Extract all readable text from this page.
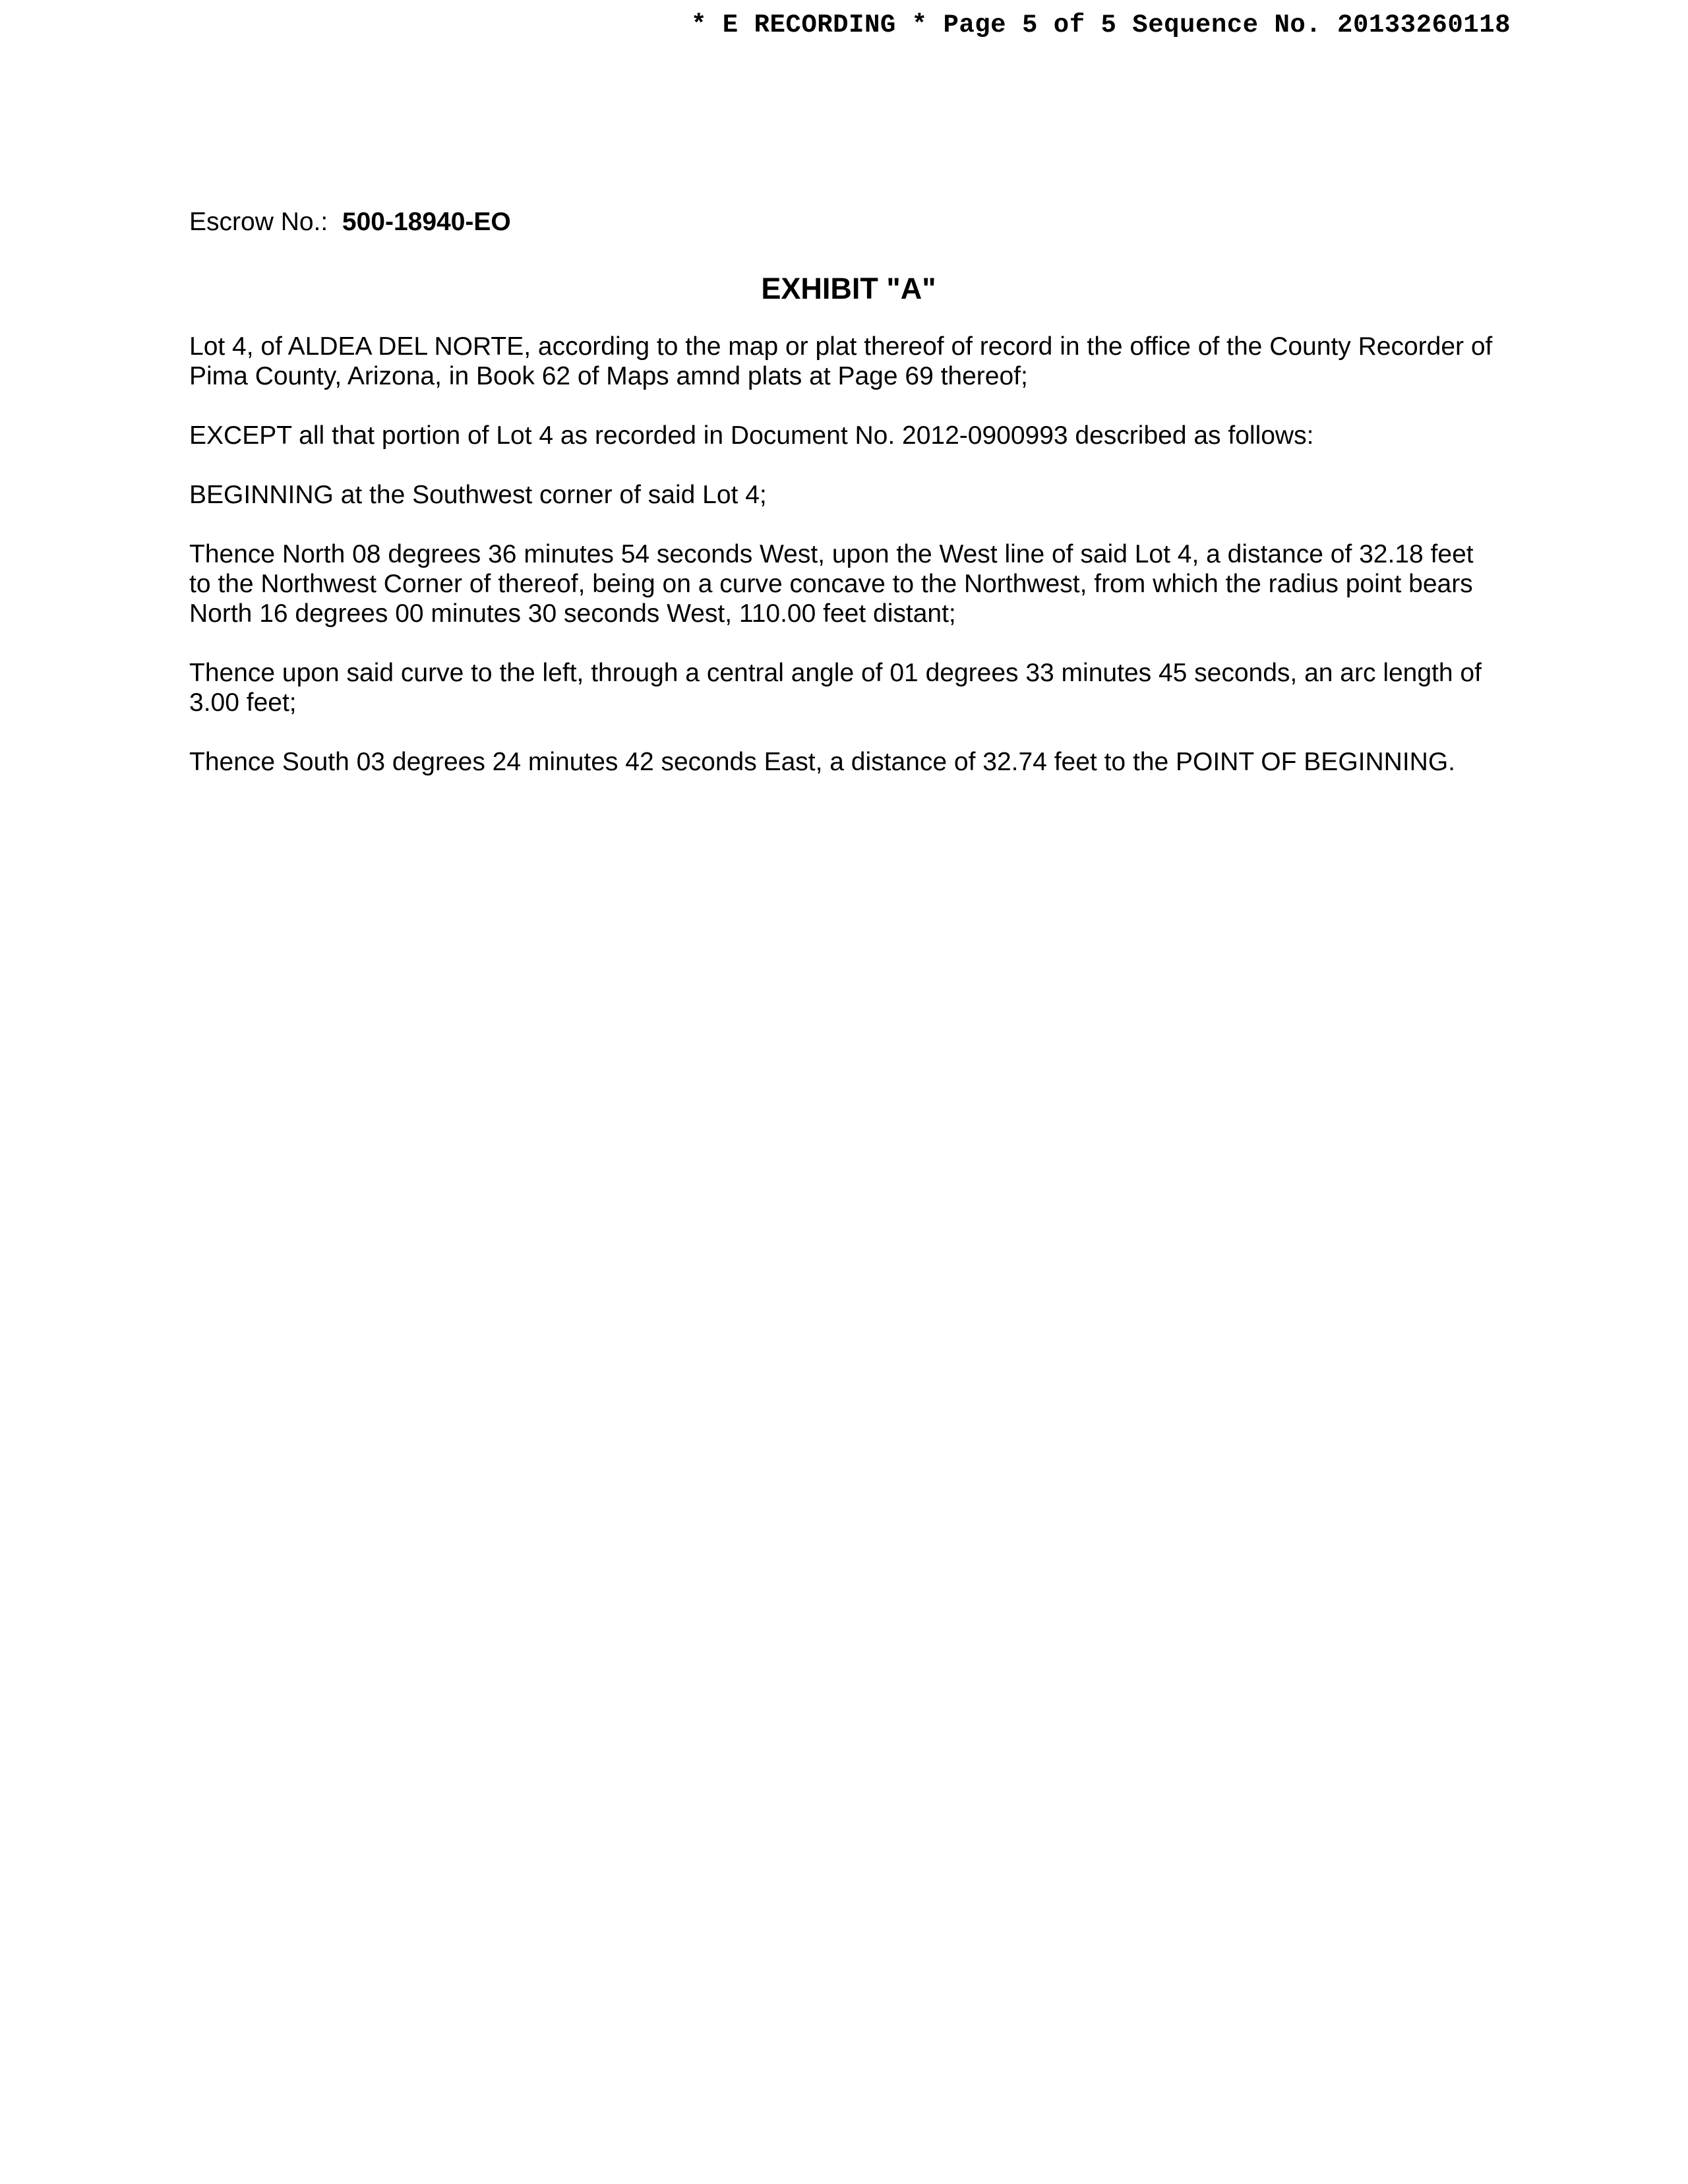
* E RECORDING * Page 5 of 5 Sequence No. 20133260118
Escrow No.: 500-18940-EO
EXHIBIT "A"

Lot 4, of ALDEA DEL NORTE, according to the map or plat thereof of record in the office of the County Recorder of Pima County, Arizona, in Book 62 of Maps amnd plats at Page 69 thereof;

EXCEPT all that portion of Lot 4 as recorded in Document No. 2012-0900993 described as follows:

BEGINNING at the Southwest corner of said Lot 4;

Thence North 08 degrees 36 minutes 54 seconds West, upon the West line of said Lot 4, a distance of 32.18 feet to the Northwest Corner of thereof, being on a curve concave to the Northwest, from which the radius point bears North 16 degrees 00 minutes 30 seconds West, 110.00 feet distant;

Thence upon said curve to the left, through a central angle of 01 degrees 33 minutes 45 seconds, an arc length of 3.00 feet;

Thence South 03 degrees 24 minutes 42 seconds East, a distance of 32.74 feet to the POINT OF BEGINNING.
